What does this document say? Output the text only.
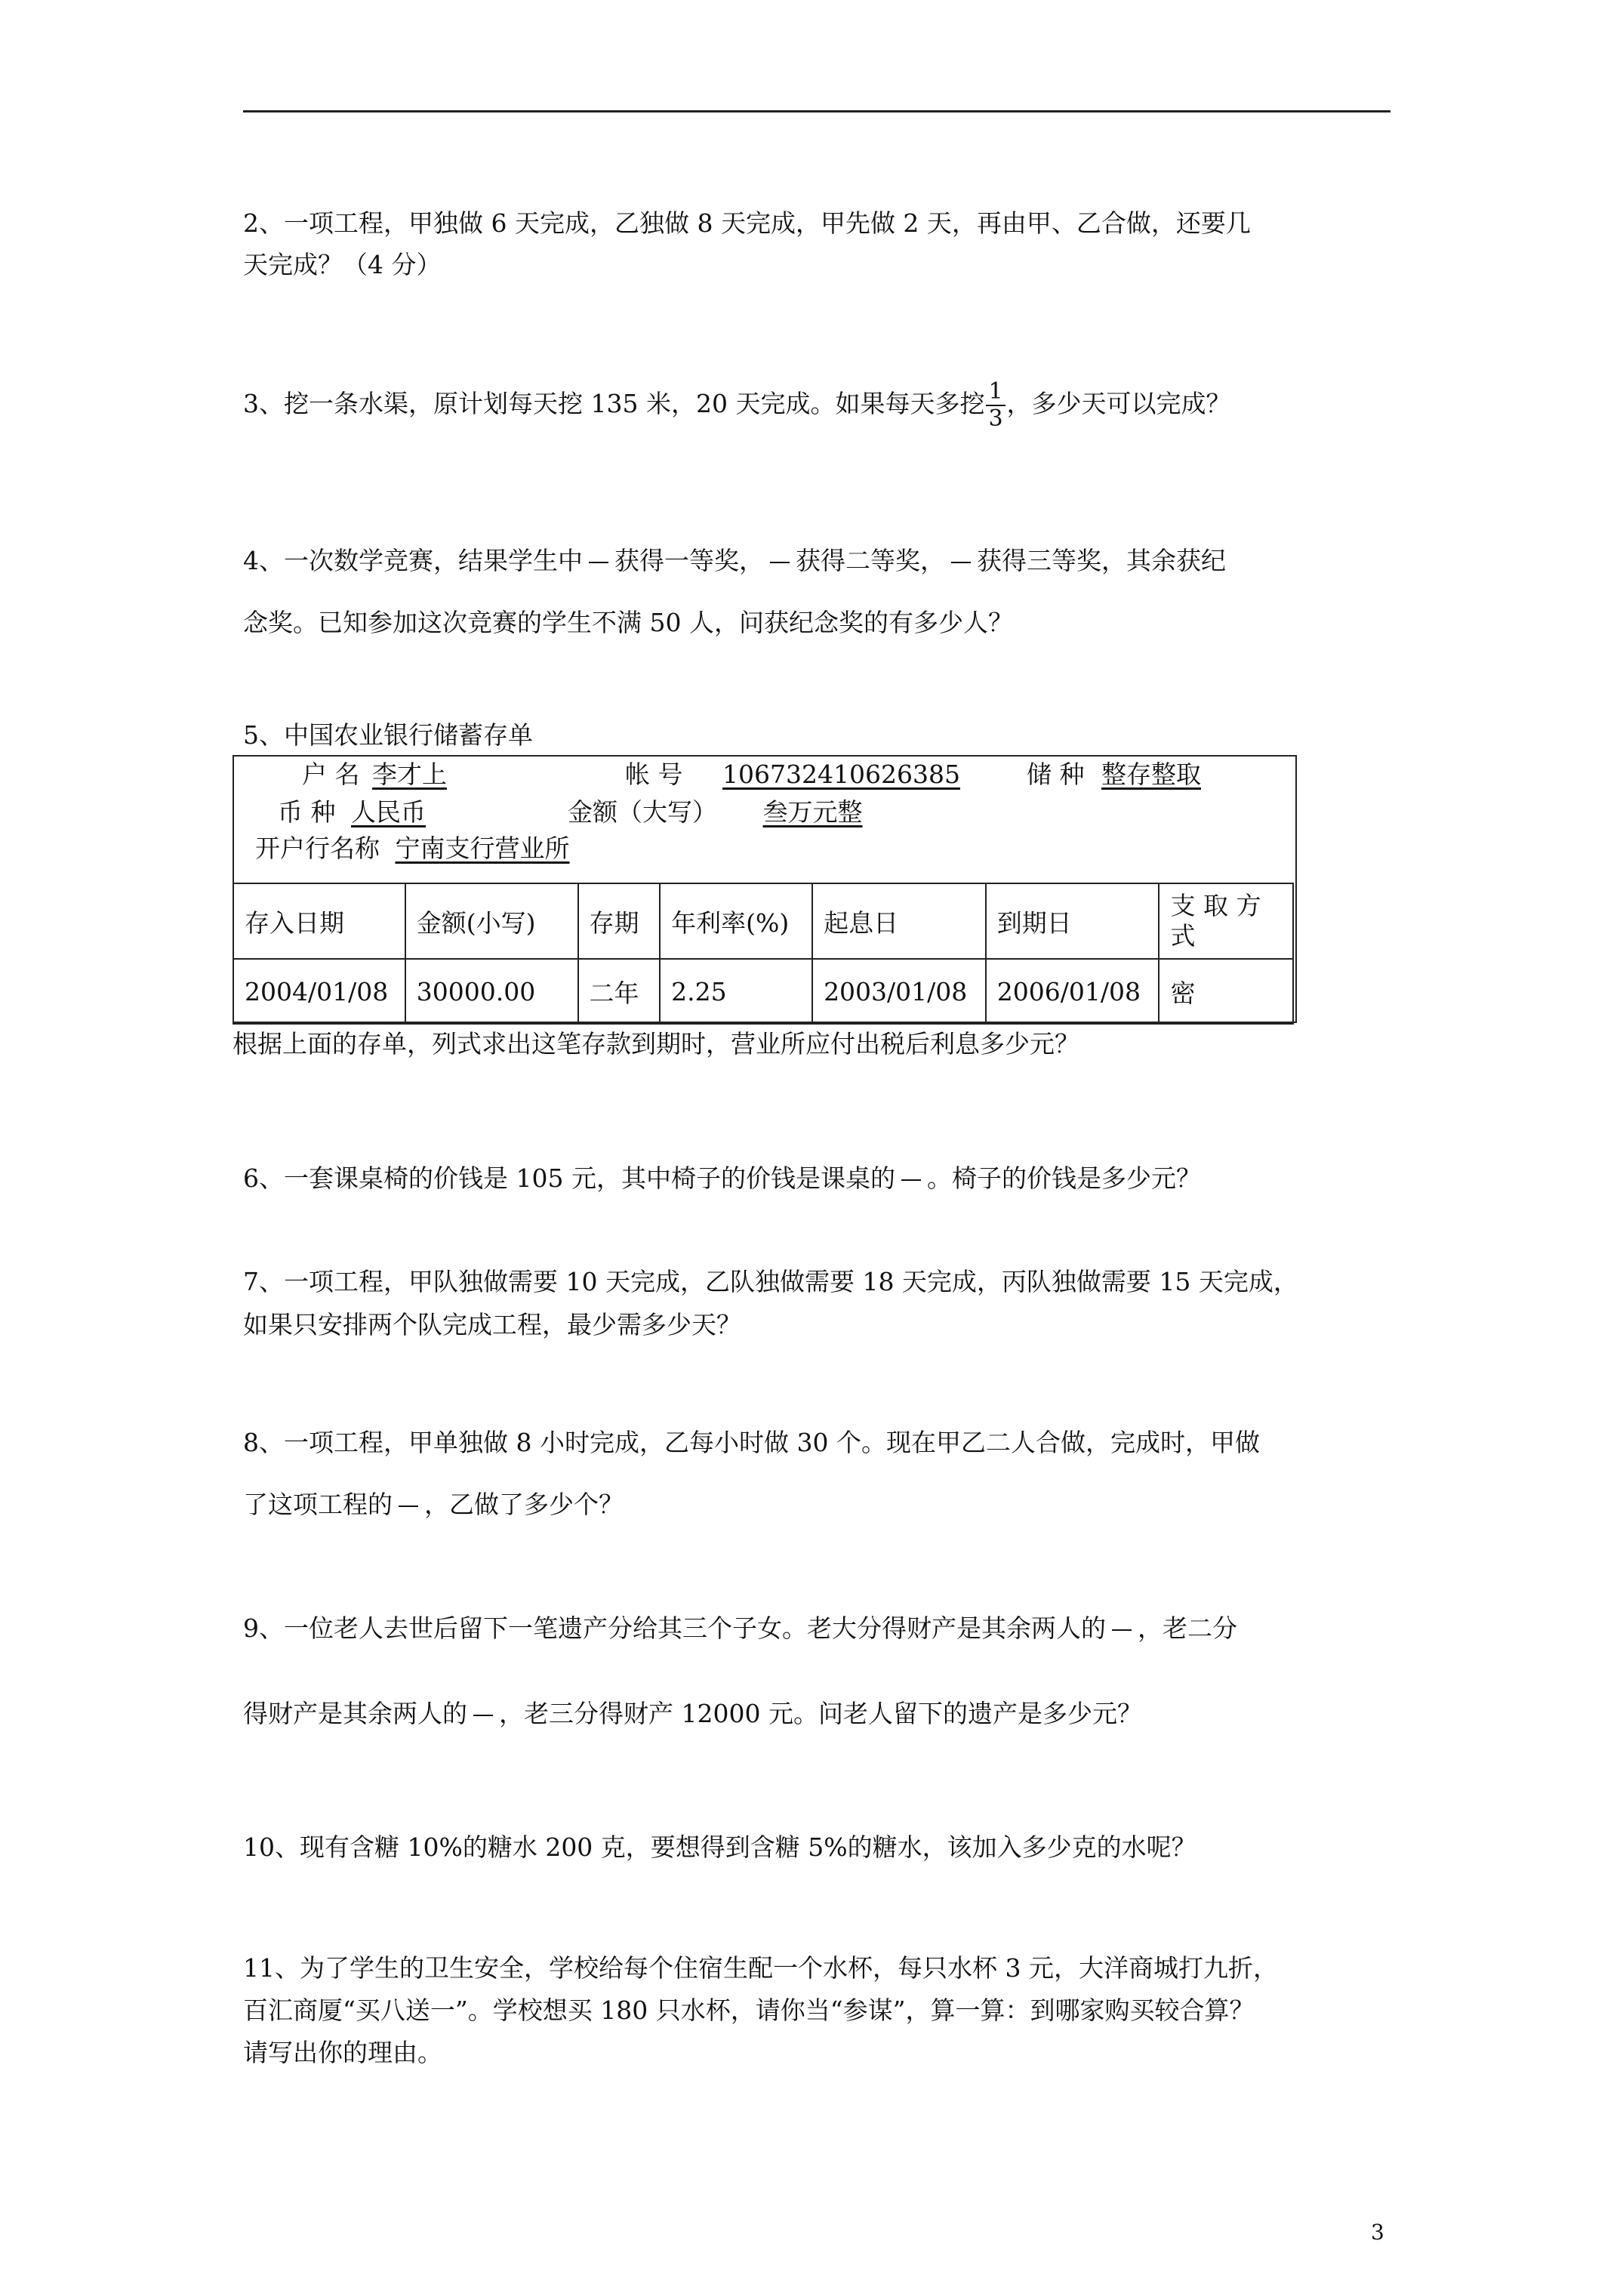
2、一项工程，甲独做 6 天完成，乙独做 8 天完成，甲先做 2 天，再由甲、乙合做，还要几
天完成？（4 分）
3、挖一条水渠，原计划每天挖 135 米，20 天完成。如果每天多挖 $\frac{1}{3}$ ，多少天可以完成？
4、一次数学竞赛，结果学生中 获得一等奖， 获得二等奖， 获得三等奖，其余获纪
念奖。已知参加这次竞赛的学生不满 50 人，问获纪念奖的有多少人？
5、中国农业银行储蓄存单
户 名 李才上	帐 号 106732410626385	储 种 整存整取
币 种 人民币	金额（大写） 叁万元整
开户行名称 宁南支行营业所
存入日期	金额(小写)	存期	年利率(%)	起息日	到期日	支 取 方式
2004/01/08	30000.00	二年	2.25	2003/01/08	2006/01/08	密
根据上面的存单，列式求出这笔存款到期时，营业所应付出税后利息多少元？
6、一套课桌椅的价钱是 105 元，其中椅子的价钱是课桌的 。椅子的价钱是多少元？
7、一项工程，甲队独做需要 10 天完成，乙队独做需要 18 天完成，丙队独做需要 15 天完成，
如果只安排两个队完成工程，最少需多少天？
8、一项工程，甲单独做 8 小时完成，乙每小时做 30 个。现在甲乙二人合做，完成时，甲做
了这项工程的 ，乙做了多少个？
9、一位老人去世后留下一笔遗产分给其三个子女。老大分得财产是其余两人的 ，老二分
得财产是其余两人的 ，老三分得财产 12000 元。问老人留下的遗产是多少元？
10、现有含糖 10%的糖水 200 克，要想得到含糖 5%的糖水，该加入多少克的水呢？
11、为了学生的卫生安全，学校给每个住宿生配一个水杯，每只水杯 3 元，大洋商城打九折，
百汇商厦“买八送一”。学校想买 180 只水杯，请你当“参谋”，算一算：到哪家购买较合算？
请写出你的理由。
3
